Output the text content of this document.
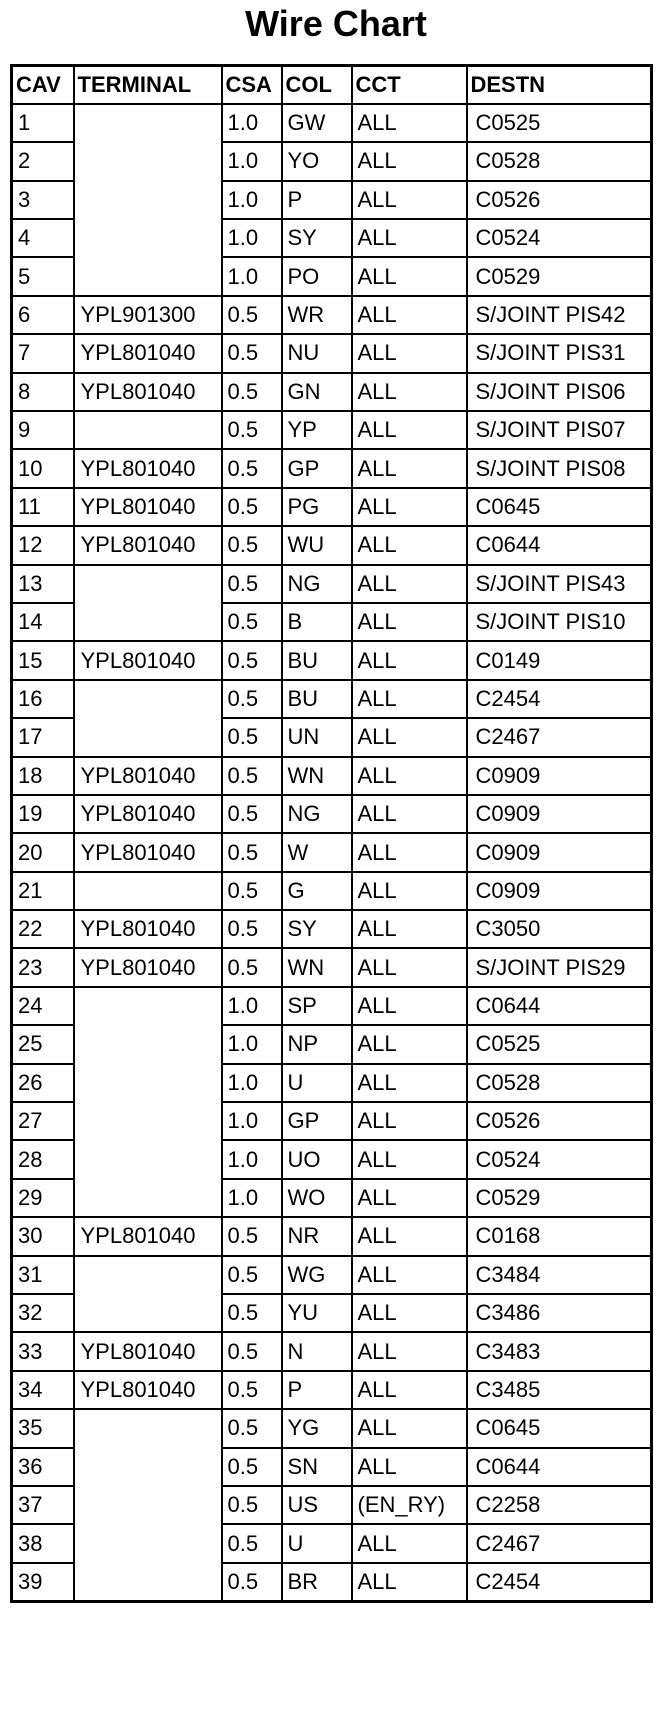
Wire Chart
CAV	TERMINAL	CSA	COL	CCT	DESTN
1		1.0	GW	ALL	C0525
2		1.0	YO	ALL	C0528
3		1.0	P	ALL	C0526
4		1.0	SY	ALL	C0524
5		1.0	PO	ALL	C0529
6	YPL901300	0.5	WR	ALL	S/JOINT PIS42
7	YPL801040	0.5	NU	ALL	S/JOINT PIS31
8	YPL801040	0.5	GN	ALL	S/JOINT PIS06
9		0.5	YP	ALL	S/JOINT PIS07
10	YPL801040	0.5	GP	ALL	S/JOINT PIS08
11	YPL801040	0.5	PG	ALL	C0645
12	YPL801040	0.5	WU	ALL	C0644
13		0.5	NG	ALL	S/JOINT PIS43
14		0.5	B	ALL	S/JOINT PIS10
15	YPL801040	0.5	BU	ALL	C0149
16		0.5	BU	ALL	C2454
17		0.5	UN	ALL	C2467
18	YPL801040	0.5	WN	ALL	C0909
19	YPL801040	0.5	NG	ALL	C0909
20	YPL801040	0.5	W	ALL	C0909
21		0.5	G	ALL	C0909
22	YPL801040	0.5	SY	ALL	C3050
23	YPL801040	0.5	WN	ALL	S/JOINT PIS29
24		1.0	SP	ALL	C0644
25		1.0	NP	ALL	C0525
26		1.0	U	ALL	C0528
27		1.0	GP	ALL	C0526
28		1.0	UO	ALL	C0524
29		1.0	WO	ALL	C0529
30	YPL801040	0.5	NR	ALL	C0168
31		0.5	WG	ALL	C3484
32		0.5	YU	ALL	C3486
33	YPL801040	0.5	N	ALL	C3483
34	YPL801040	0.5	P	ALL	C3485
35		0.5	YG	ALL	C0645
36		0.5	SN	ALL	C0644
37		0.5	US	(EN_RY)	C2258
38		0.5	U	ALL	C2467
39		0.5	BR	ALL	C2454
